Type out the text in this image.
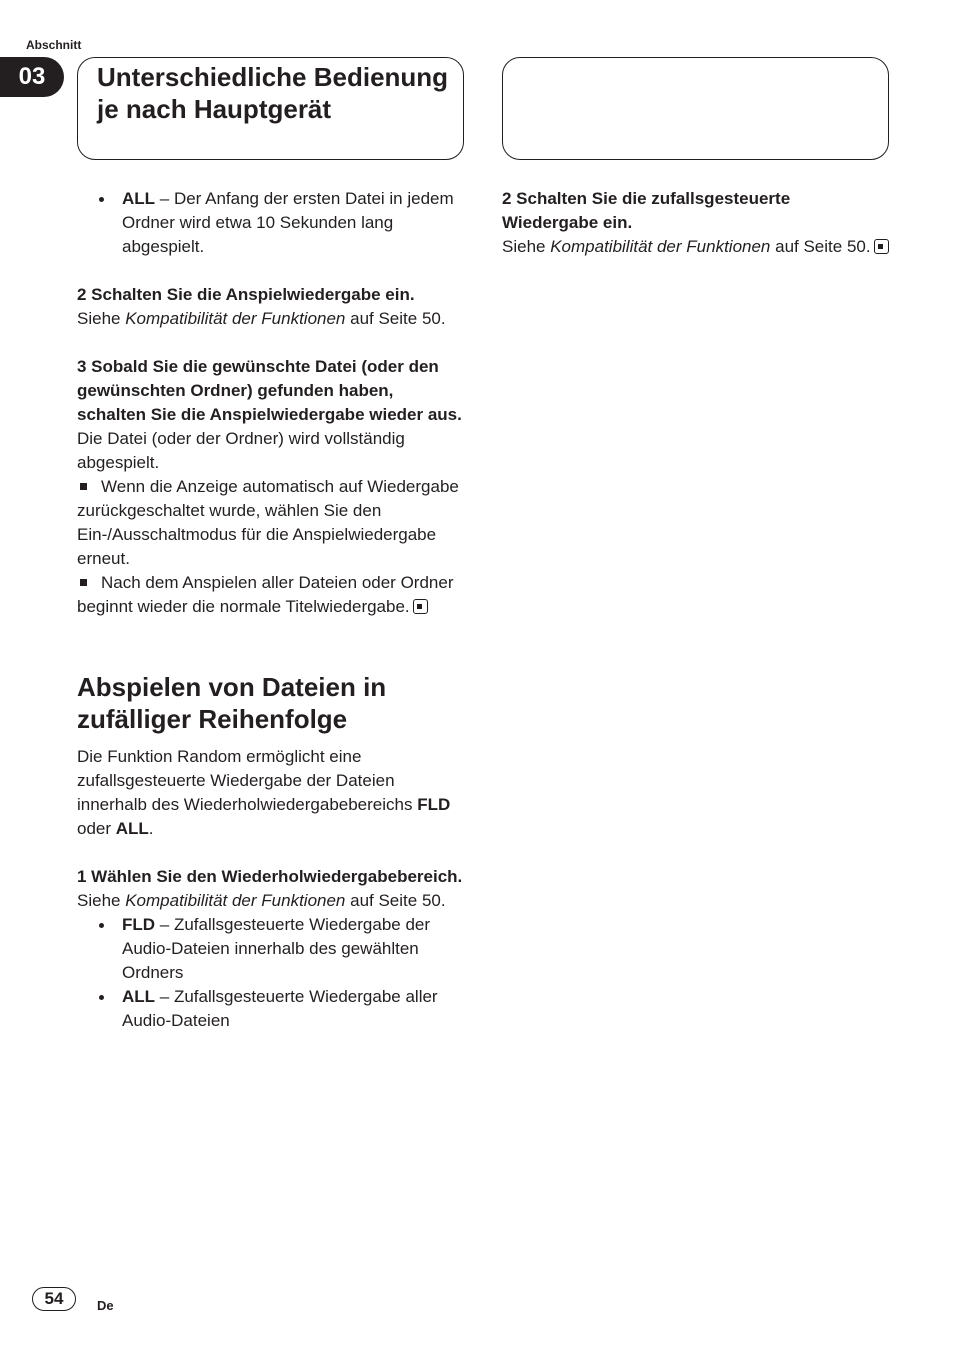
Abschnitt
03	Unterschiedliche Bedienung je nach Hauptgerät
ALL – Der Anfang der ersten Datei in jedem Ordner wird etwa 10 Sekunden lang abgespielt.

2 Schalten Sie die Anspielwiedergabe ein.

Siehe Kompatibilität der Funktionen auf Seite 50.

3 Sobald Sie die gewünschte Datei (oder den gewünschten Ordner) gefunden haben, schalten Sie die Anspielwiedergabe wieder aus.

Die Datei (oder der Ordner) wird vollständig abgespielt.

Wenn die Anzeige automatisch auf Wiedergabe zurückgeschaltet wurde, wählen Sie den Ein-/Ausschaltmodus für die Anspielwiedergabe erneut.

Nach dem Anspielen aller Dateien oder Ordner beginnt wieder die normale Titelwiedergabe.

Abspielen von Dateien in zufälliger Reihenfolge

Die Funktion Random ermöglicht eine zufallsgesteuerte Wiedergabe der Dateien innerhalb des Wiederholwiedergabebereichs FLD oder ALL.

1 Wählen Sie den Wiederholwiedergabebereich.

Siehe Kompatibilität der Funktionen auf Seite 50.

FLD – Zufallsgesteuerte Wiedergabe der Audio-Dateien innerhalb des gewählten Ordners
ALL – Zufallsgesteuerte Wiedergabe aller Audio-Dateien

2 Schalten Sie die zufallsgesteuerte Wiedergabe ein.

Siehe Kompatibilität der Funktionen auf Seite 50.

54	De
